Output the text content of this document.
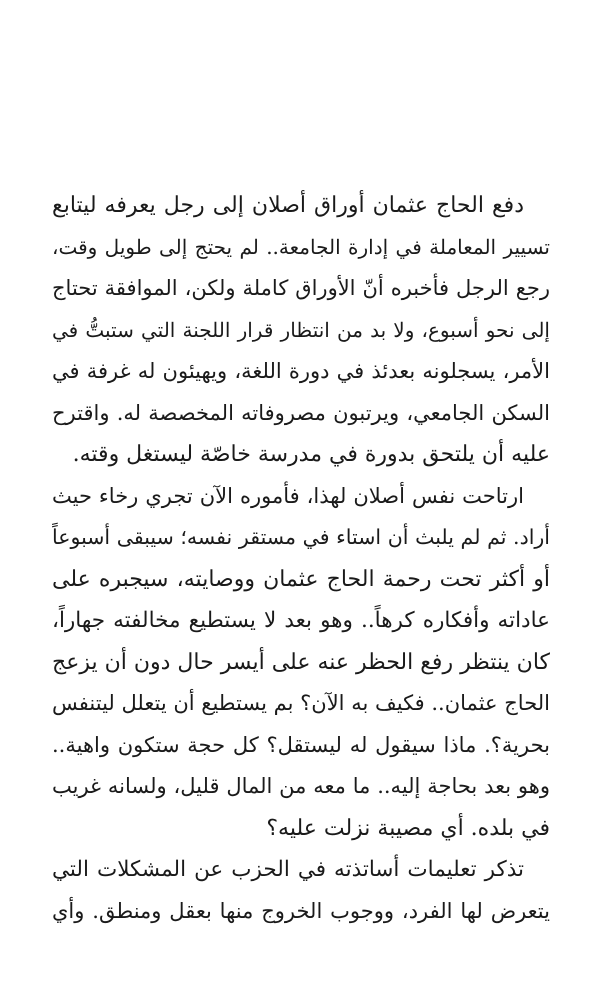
دفع الحاج عثمان أوراق أصلان إلى رجل يعرفه ليتابع
تسيير المعاملة في إدارة الجامعة.. لم يحتج إلى طويل وقت،
رجع الرجل فأخبره أنّ الأوراق كاملة ولكن، الموافقة تحتاج
إلى نحو أسبوع، ولا بد من انتظار قرار اللجنة التي ستبتُّ في
الأمر، يسجلونه بعدئذ في دورة اللغة، ويهيئون له غرفة في
السكن الجامعي، ويرتبون مصروفاته المخصصة له. واقترح
عليه أن يلتحق بدورة في مدرسة خاصّة ليستغل وقته.
ارتاحت نفس أصلان لهذا، فأموره الآن تجري رخاء حيث
أراد. ثم لم يلبث أن استاء في مستقر نفسه؛ سيبقى أسبوعاً
أو أكثر تحت رحمة الحاج عثمان ووصايته، سيجبره على
عاداته وأفكاره كرهاً.. وهو بعد لا يستطيع مخالفته جهاراً،
كان ينتظر رفع الحظر عنه على أيسر حال دون أن يزعج
الحاج عثمان.. فكيف به الآن؟ بم يستطيع أن يتعلل ليتنفس
بحرية؟. ماذا سيقول له ليستقل؟ كل حجة ستكون واهية..
وهو بعد بحاجة إليه.. ما معه من المال قليل، ولسانه غريب
في بلده. أي مصيبة نزلت عليه؟
تذكر تعليمات أساتذته في الحزب عن المشكلات التي
يتعرض لها الفرد، ووجوب الخروج منها بعقل ومنطق. وأي
